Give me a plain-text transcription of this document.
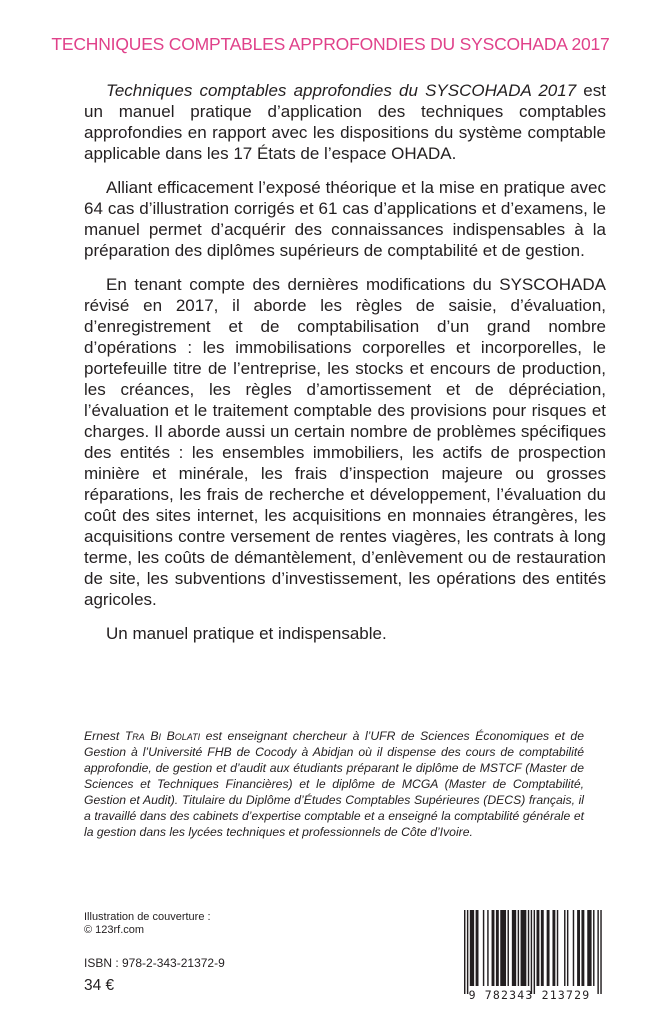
TECHNIQUES COMPTABLES APPROFONDIES DU SYSCOHADA 2017

Techniques comptables approfondies du SYSCOHADA 2017 est un manuel pratique d’application des techniques comptables approfondies en rapport avec les dispositions du système comptable applicable dans les 17 États de l’espace OHADA.

Alliant efficacement l’exposé théorique et la mise en pratique avec 64 cas d’illustration corrigés et 61 cas d’applications et d’examens, le manuel permet d’acquérir des connaissances indispensables à la préparation des diplômes supérieurs de comptabilité et de gestion.

En tenant compte des dernières modifications du SYSCOHADA révisé en 2017, il aborde les règles de saisie, d’évaluation, d’enregistrement et de comptabilisation d’un grand nombre d’opérations : les immobilisations corporelles et incorporelles, le portefeuille titre de l’entreprise, les stocks et encours de production, les créances, les règles d’amortissement et de dépréciation, l’évaluation et le traitement comptable des provisions pour risques et charges. Il aborde aussi un certain nombre de problèmes spécifiques des entités : les ensembles immobiliers, les actifs de prospection minière et minérale, les frais d’inspection majeure ou grosses réparations, les frais de recherche et développement, l’évaluation du coût des sites internet, les acquisitions en monnaies étrangères, les acquisitions contre versement de rentes viagères, les contrats à long terme, les coûts de démantèlement, d’enlèvement ou de restauration de site, les subventions d’investissement, les opérations des entités agricoles.

Un manuel pratique et indispensable.

Ernest Tra Bi Bolati est enseignant chercheur à l’UFR de Sciences Économiques et de Gestion à l’Université FHB de Cocody à Abidjan où il dispense des cours de comptabilité approfondie, de gestion et d’audit aux étudiants préparant le diplôme de MSTCF (Master de Sciences et Techniques Financières) et le diplôme de MCGA (Master de Comptabilité, Gestion et Audit). Titulaire du Diplôme d’Études Comptables Supérieures (DECS) français, il a travaillé dans des cabinets d’expertise comptable et a enseigné la comptabilité générale et la gestion dans les lycées techniques et professionnels de Côte d’Ivoire.
Illustration de couverture :
© 123rf.com
ISBN : 978-2-343-21372-9
34 €
9 782343 213729
